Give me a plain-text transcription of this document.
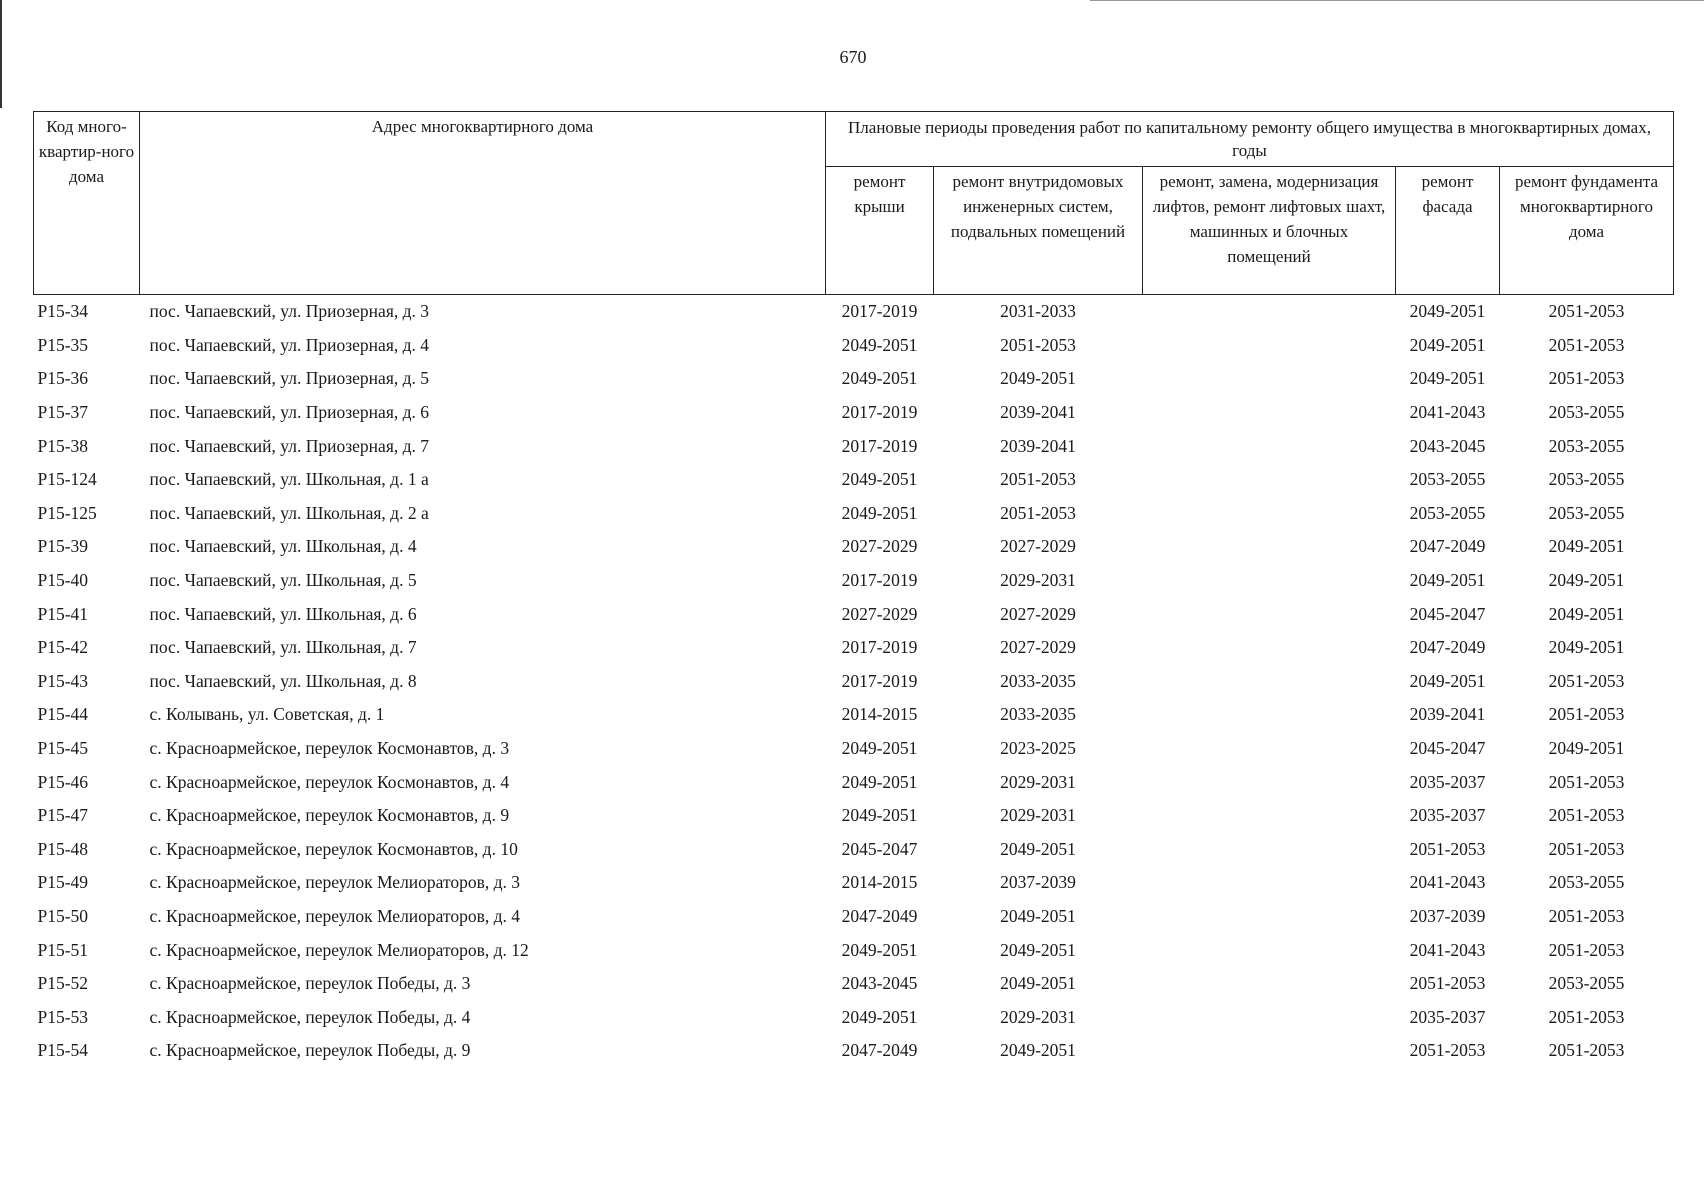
670
Код много-квартир-ного дома	Адрес многоквартирного дома	Плановые периоды проведения работ по капитальному ремонту общего имущества в многоквартирных домах, годы				
		ремонт крыши	ремонт внутридомовых инженерных систем, подвальных помещений	ремонт, замена, модернизация лифтов, ремонт лифтовых шахт, машинных и блочных помещений	ремонт фасада	ремонт фундамента многоквартирного дома
P15-34	пос. Чапаевский, ул. Приозерная, д. 3	2017-2019	2031-2033		2049-2051	2051-2053
P15-35	пос. Чапаевский, ул. Приозерная, д. 4	2049-2051	2051-2053		2049-2051	2051-2053
P15-36	пос. Чапаевский, ул. Приозерная, д. 5	2049-2051	2049-2051		2049-2051	2051-2053
P15-37	пос. Чапаевский, ул. Приозерная, д. 6	2017-2019	2039-2041		2041-2043	2053-2055
P15-38	пос. Чапаевский, ул. Приозерная, д. 7	2017-2019	2039-2041		2043-2045	2053-2055
P15-124	пос. Чапаевский, ул. Школьная, д. 1 а	2049-2051	2051-2053		2053-2055	2053-2055
P15-125	пос. Чапаевский, ул. Школьная, д. 2 а	2049-2051	2051-2053		2053-2055	2053-2055
P15-39	пос. Чапаевский, ул. Школьная, д. 4	2027-2029	2027-2029		2047-2049	2049-2051
P15-40	пос. Чапаевский, ул. Школьная, д. 5	2017-2019	2029-2031		2049-2051	2049-2051
P15-41	пос. Чапаевский, ул. Школьная, д. 6	2027-2029	2027-2029		2045-2047	2049-2051
P15-42	пос. Чапаевский, ул. Школьная, д. 7	2017-2019	2027-2029		2047-2049	2049-2051
P15-43	пос. Чапаевский, ул. Школьная, д. 8	2017-2019	2033-2035		2049-2051	2051-2053
P15-44	с. Колывань, ул. Советская, д. 1	2014-2015	2033-2035		2039-2041	2051-2053
P15-45	с. Красноармейское, переулок Космонавтов, д. 3	2049-2051	2023-2025		2045-2047	2049-2051
P15-46	с. Красноармейское, переулок Космонавтов, д. 4	2049-2051	2029-2031		2035-2037	2051-2053
P15-47	с. Красноармейское, переулок Космонавтов, д. 9	2049-2051	2029-2031		2035-2037	2051-2053
P15-48	с. Красноармейское, переулок Космонавтов, д. 10	2045-2047	2049-2051		2051-2053	2051-2053
P15-49	с. Красноармейское, переулок Мелиораторов, д. 3	2014-2015	2037-2039		2041-2043	2053-2055
P15-50	с. Красноармейское, переулок Мелиораторов, д. 4	2047-2049	2049-2051		2037-2039	2051-2053
P15-51	с. Красноармейское, переулок Мелиораторов, д. 12	2049-2051	2049-2051		2041-2043	2051-2053
P15-52	с. Красноармейское, переулок Победы, д. 3	2043-2045	2049-2051		2051-2053	2053-2055
P15-53	с. Красноармейское, переулок Победы, д. 4	2049-2051	2029-2031		2035-2037	2051-2053
P15-54	с. Красноармейское, переулок Победы, д. 9	2047-2049	2049-2051		2051-2053	2051-2053
